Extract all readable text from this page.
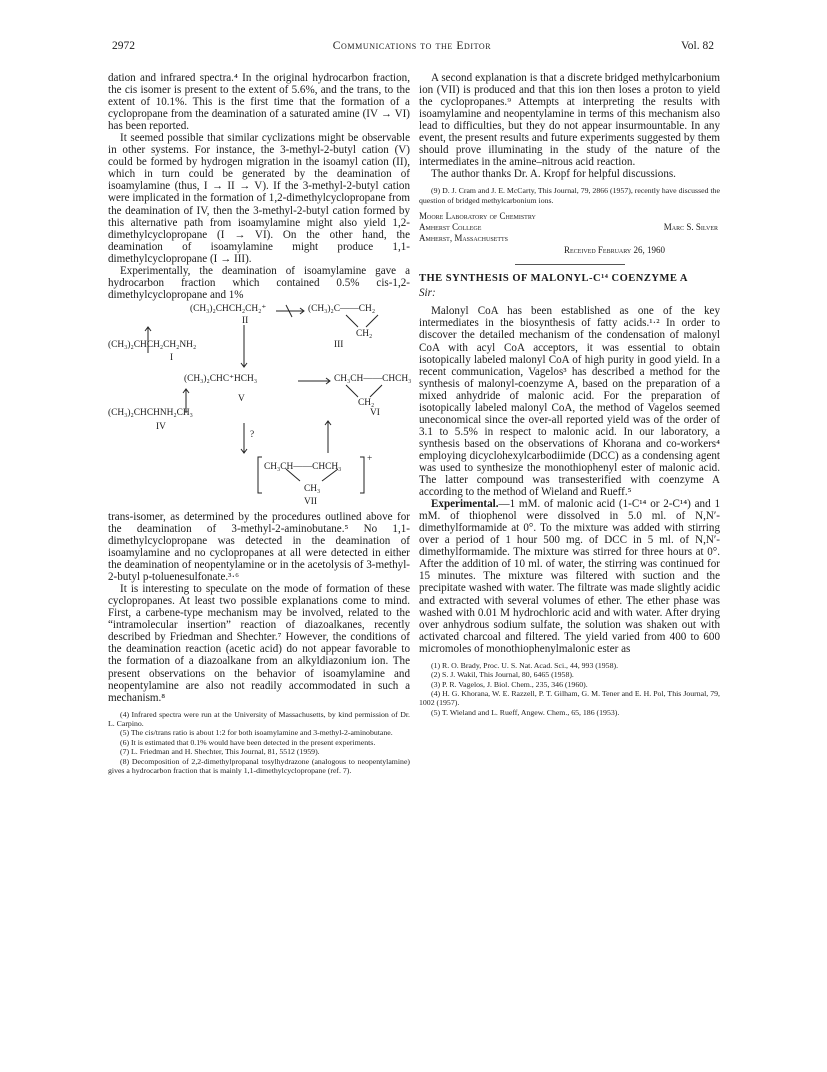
2972	Communications to the Editor	Vol. 82

dation and infrared spectra.⁴ In the original hydrocarbon fraction, the cis isomer is present to the extent of 5.6%, and the trans, to the extent of 10.1%. This is the first time that the formation of a cyclopropane from the deamination of a saturated amine (IV → VI) has been reported.

It seemed possible that similar cyclizations might be observable in other systems. For instance, the 3-methyl-2-butyl cation (V) could be formed by hydrogen migration in the isoamyl cation (II), which in turn could be generated by the deamination of isoamylamine (thus, I → II → V). If the 3-methyl-2-butyl cation were implicated in the formation of 1,2-dimethylcyclopropane from the deamination of IV, then the 3-methyl-2-butyl cation formed by this alternative path from isoamylamine might also yield 1,2-dimethylcyclopropane (I → VI). On the other hand, the deamination of isoamylamine might produce 1,1-dimethylcyclopropane (I → III).

Experimentally, the deamination of isoamylamine gave a hydrocarbon fraction which contained 0.5% cis-1,2-dimethylcyclopropane and 1%

(CH₃)₂CHCH₂CH₂⁺
II
(CH₃)₂C——CH₂
CH₂
III
(CH₃)₂CHCH₂CH₂NH₂
I
(CH₃)₂CHC⁺HCH₃
V
CH₃CH——CHCH₃
CH₂
VI
(CH₃)₂CHCHNH₂CH₃
IV
?
CH₃CH——CHCH₃
+
CH₃
VII

trans-isomer, as determined by the procedures outlined above for the deamination of 3-methyl-2-aminobutane.⁵ No 1,1-dimethylcyclopropane was detected in the deamination of isoamylamine and no cyclopropanes at all were detected in either the deamination of neopentylamine or in the acetolysis of 3-methyl-2-butyl p-toluenesulfonate.³·⁶

It is interesting to speculate on the mode of formation of these cyclopropanes. At least two possible explanations come to mind. First, a carbene-type mechanism may be involved, related to the “intramolecular insertion” reaction of diazoalkanes, recently described by Friedman and Shechter.⁷ However, the conditions of the deamination reaction (acetic acid) do not appear favorable to the formation of a diazoalkane from an alkyldiazonium ion. The present observations on the behavior of isoamylamine and neopentylamine are also not readily accommodated in such a mechanism.⁸

(4) Infrared spectra were run at the University of Massachusetts, by kind permission of Dr. L. Carpino.

(5) The cis/trans ratio is about 1:2 for both isoamylamine and 3-methyl-2-aminobutane.

(6) It is estimated that 0.1% would have been detected in the present experiments.

(7) L. Friedman and H. Shechter, This Journal, 81, 5512 (1959).

(8) Decomposition of 2,2-dimethylpropanal tosylhydrazone (analogous to neopentylamine) gives a hydrocarbon fraction that is mainly 1,1-dimethylcyclopropane (ref. 7).

A second explanation is that a discrete bridged methylcarbonium ion (VII) is produced and that this ion then loses a proton to yield the cyclopropanes.⁹ Attempts at interpreting the results with isoamylamine and neopentylamine in terms of this mechanism also lead to difficulties, but they do not appear insurmountable. In any event, the present results and future experiments suggested by them should prove illuminating in the study of the nature of the intermediates in the amine–nitrous acid reaction.

The author thanks Dr. A. Kropf for helpful discussions.

(9) D. J. Cram and J. E. McCarty, This Journal, 79, 2866 (1957), recently have discussed the question of bridged methylcarbonium ions.

Moore Laboratory of Chemistry
Amherst College	Marc S. Silver
Amherst, Massachusetts
Received February 26, 1960
THE SYNTHESIS OF MALONYL-C¹⁴ COENZYME A
Sir:

Malonyl CoA has been established as one of the key intermediates in the biosynthesis of fatty acids.¹·² In order to discover the detailed mechanism of the condensation of malonyl CoA with acyl CoA acceptors, it was essential to obtain isotopically labeled malonyl CoA of high purity in good yield. In a recent communication, Vagelos³ has described a method for the synthesis of malonyl-coenzyme A, based on the preparation of a mixed anhydride of malonic acid. For the preparation of isotopically labeled malonyl CoA, the method of Vagelos seemed uneconomical since the over-all reported yield was of the order of 3.1 to 5.5% in respect to malonic acid. In our laboratory, a synthesis based on the observations of Khorana and co-workers⁴ employing dicyclohexylcarbodiimide (DCC) as a condensing agent was used to synthesize the monothiophenyl ester of malonic acid. The latter compound was transesterified with coenzyme A according to the method of Wieland and Rueff.⁵

Experimental.—1 mM. of malonic acid (1-C¹⁴ or 2-C¹⁴) and 1 mM. of thiophenol were dissolved in 5.0 ml. of N,N′-dimethylformamide at 0°. To the mixture was added with stirring over a period of 1 hour 500 mg. of DCC in 5 ml. of N,N′-dimethylformamide. The mixture was stirred for three hours at 0°. After the addition of 10 ml. of water, the stirring was continued for 15 minutes. The mixture was filtered with suction and the precipitate washed with water. The filtrate was made slightly acidic and extracted with several volumes of ether. The ether phase was washed with 0.01 M hydrochloric acid and with water. After drying over anhydrous sodium sulfate, the solution was shaken out with activated charcoal and filtered. The yield varied from 400 to 600 micromoles of monothiophenylmalonic ester as

(1) R. O. Brady, Proc. U. S. Nat. Acad. Sci., 44, 993 (1958).

(2) S. J. Wakil, This Journal, 80, 6465 (1958).

(3) P. R. Vagelos, J. Biol. Chem., 235, 346 (1960).

(4) H. G. Khorana, W. E. Razzell, P. T. Gilham, G. M. Tener and E. H. Pol, This Journal, 79, 1002 (1957).

(5) T. Wieland and L. Rueff, Angew. Chem., 65, 186 (1953).
